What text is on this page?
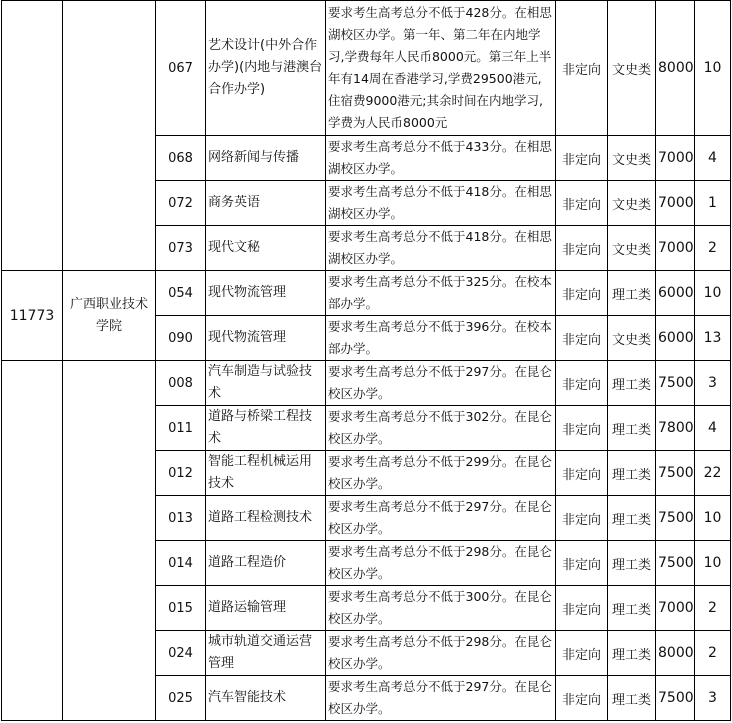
		067	艺术设计(中外合作办学)(内地与港澳台合作办学)	要求考生高考总分不低于428分。在相思湖校区办学。第一年、第二年在内地学习,学费每年人民币8000元。第三年上半年有14周在香港学习,学费29500港元,住宿费9000港元;其余时间在内地学习,学费为人民币8000元	非定向	文史类	8000	10
		068	网络新闻与传播	要求考生高考总分不低于433分。在相思湖校区办学。	非定向	文史类	7000	4
		072	商务英语	要求考生高考总分不低于418分。在相思湖校区办学。	非定向	文史类	7000	1
		073	现代文秘	要求考生高考总分不低于418分。在相思湖校区办学。	非定向	文史类	7000	2
11773	广西职业技术学院	054	现代物流管理	要求考生高考总分不低于325分。在校本部办学。	非定向	理工类	6000	10
		090	现代物流管理	要求考生高考总分不低于396分。在校本部办学。	非定向	文史类	6000	13
		008	汽车制造与试验技术	要求考生高考总分不低于297分。在昆仑校区办学。	非定向	理工类	7500	3
		011	道路与桥梁工程技术	要求考生高考总分不低于302分。在昆仑校区办学。	非定向	理工类	7800	4
		012	智能工程机械运用技术	要求考生高考总分不低于299分。在昆仑校区办学。	非定向	理工类	7500	22
		013	道路工程检测技术	要求考生高考总分不低于297分。在昆仑校区办学。	非定向	理工类	7500	10
		014	道路工程造价	要求考生高考总分不低于298分。在昆仑校区办学。	非定向	理工类	7500	10
		015	道路运输管理	要求考生高考总分不低于300分。在昆仑校区办学。	非定向	理工类	7000	2
		024	城市轨道交通运营管理	要求考生高考总分不低于298分。在昆仑校区办学。	非定向	理工类	8000	2
		025	汽车智能技术	要求考生高考总分不低于297分。在昆仑校区办学。	非定向	理工类	7500	3
